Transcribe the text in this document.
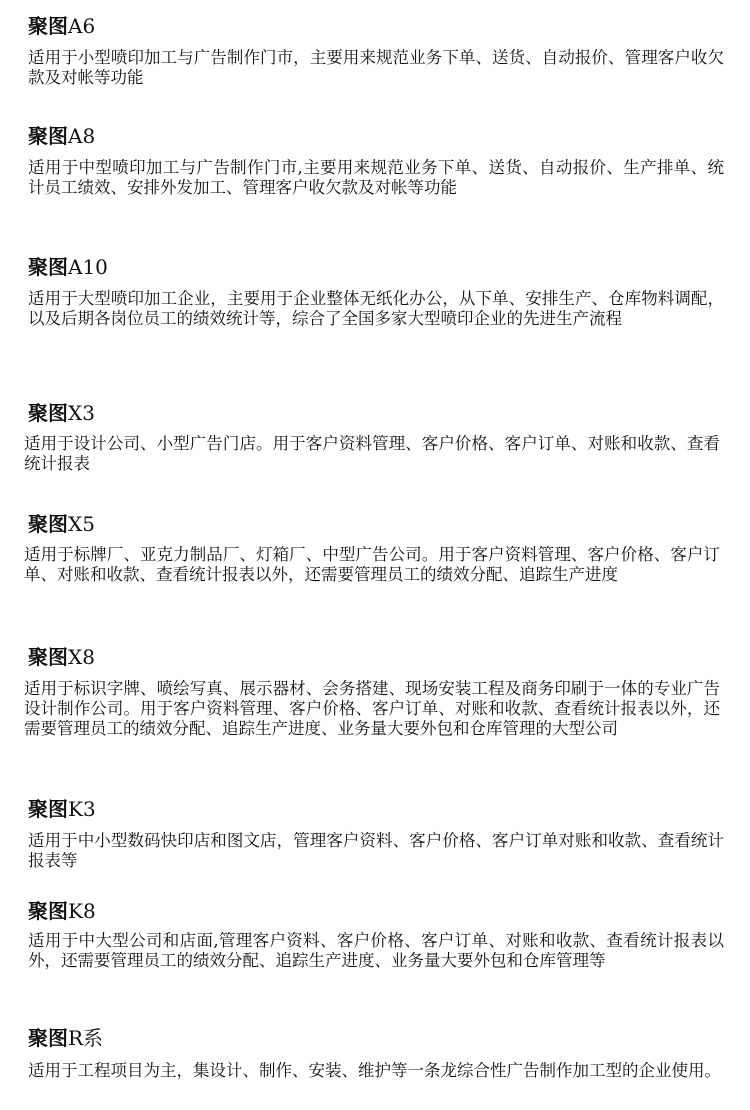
聚图A6

适用于小型喷印加工与广告制作门市，主要用来规范业务下单、送货、自动报价、管理客户收欠款及对帐等功能

聚图A8

适用于中型喷印加工与广告制作门市,主要用来规范业务下单、送货、自动报价、生产排单、统计员工绩效、安排外发加工、管理客户收欠款及对帐等功能

聚图A10

适用于大型喷印加工企业，主要用于企业整体无纸化办公，从下单、安排生产、仓库物料调配，以及后期各岗位员工的绩效统计等，综合了全国多家大型喷印企业的先进生产流程

聚图X3

适用于设计公司、小型广告门店。用于客户资料管理、客户价格、客户订单、对账和收款、查看统计报表

聚图X5

适用于标牌厂、亚克力制品厂、灯箱厂、中型广告公司。用于客户资料管理、客户价格、客户订单、对账和收款、查看统计报表以外，还需要管理员工的绩效分配、追踪生产进度

聚图X8

适用于标识字牌、喷绘写真、展示器材、会务搭建、现场安装工程及商务印刷于一体的专业广告设计制作公司。用于客户资料管理、客户价格、客户订单、对账和收款、查看统计报表以外，还需要管理员工的绩效分配、追踪生产进度、业务量大要外包和仓库管理的大型公司

聚图K3

适用于中小型数码快印店和图文店，管理客户资料、客户价格、客户订单对账和收款、查看统计报表等

聚图K8

适用于中大型公司和店面,管理客户资料、客户价格、客户订单、对账和收款、查看统计报表以外，还需要管理员工的绩效分配、追踪生产进度、业务量大要外包和仓库管理等

聚图R系

适用于工程项目为主，集设计、制作、安装、维护等一条龙综合性广告制作加工型的企业使用。
